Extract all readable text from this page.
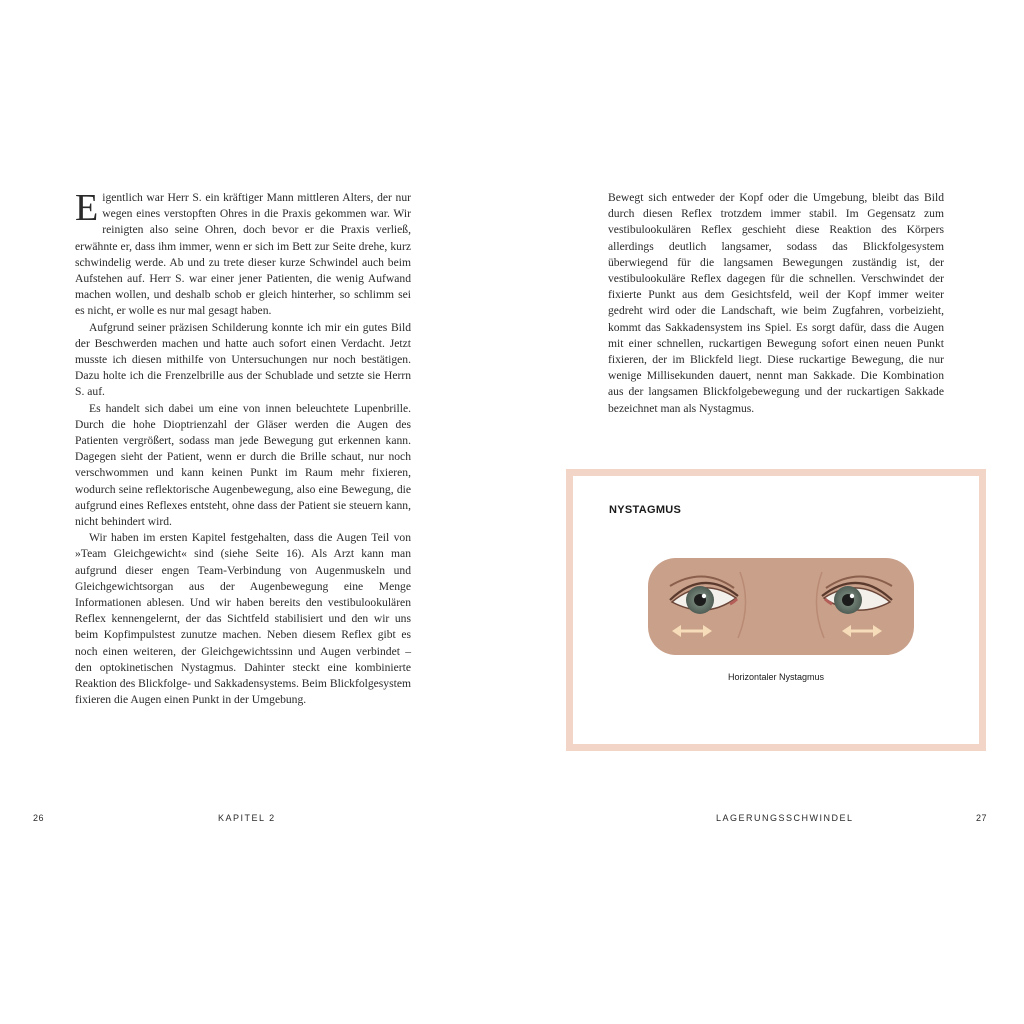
Eigentlich war Herr S. ein kräftiger Mann mittleren Alters, der nur wegen eines verstopften Ohres in die Praxis gekommen war. Wir reinigten also seine Ohren, doch bevor er die Praxis verließ, erwähnte er, dass ihm immer, wenn er sich im Bett zur Seite drehe, kurz schwindelig werde. Ab und zu trete dieser kurze Schwindel auch beim Aufstehen auf. Herr S. war einer jener Patienten, die wenig Aufwand machen wollen, und deshalb schob er gleich hinterher, so schlimm sei es nicht, er wolle es nur mal gesagt haben.

Aufgrund seiner präzisen Schilderung konnte ich mir ein gutes Bild der Beschwerden machen und hatte auch sofort einen Verdacht. Jetzt musste ich diesen mithilfe von Untersuchungen nur noch bestätigen. Dazu holte ich die Frenzelbrille aus der Schublade und setzte sie Herrn S. auf.

Es handelt sich dabei um eine von innen beleuchtete Lupenbrille. Durch die hohe Dioptrienzahl der Gläser werden die Augen des Patienten vergrößert, sodass man jede Bewegung gut erkennen kann. Dagegen sieht der Patient, wenn er durch die Brille schaut, nur noch verschwommen und kann keinen Punkt im Raum mehr fixieren, wodurch seine reflektorische Augenbewegung, also eine Bewegung, die aufgrund eines Reflexes entsteht, ohne dass der Patient sie steuern kann, nicht behindert wird.

Wir haben im ersten Kapitel festgehalten, dass die Augen Teil von »Team Gleichgewicht« sind (siehe Seite 16). Als Arzt kann man aufgrund dieser engen Team-Verbindung von Augenmuskeln und Gleichgewichtsorgan aus der Augenbewegung eine Menge Informationen ablesen. Und wir haben bereits den vestibulookulären Reflex kennengelernt, der das Sichtfeld stabilisiert und den wir uns beim Kopfimpulstest zunutze machen. Neben diesem Reflex gibt es noch einen weiteren, der Gleichgewichtssinn und Augen verbindet – den optokinetischen Nystagmus. Dahinter steckt eine kombinierte Reaktion des Blickfolge- und Sakkadensystems. Beim Blickfolgesystem fixieren die Augen einen Punkt in der Umgebung.

Bewegt sich entweder der Kopf oder die Umgebung, bleibt das Bild durch diesen Reflex trotzdem immer stabil. Im Gegensatz zum vestibulookulären Reflex geschieht diese Reaktion des Körpers allerdings deutlich langsamer, sodass das Blickfolgesystem überwiegend für die langsamen Bewegungen zuständig ist, der vestibulookuläre Reflex dagegen für die schnellen. Verschwindet der fixierte Punkt aus dem Gesichtsfeld, weil der Kopf immer weiter gedreht wird oder die Landschaft, wie beim Zugfahren, vorbeizieht, kommt das Sakkadensystem ins Spiel. Es sorgt dafür, dass die Augen mit einer schnellen, ruckartigen Bewegung sofort einen neuen Punkt fixieren, der im Blickfeld liegt. Diese ruckartige Bewegung, die nur wenige Millisekunden dauert, nennt man Sakkade. Die Kombination aus der langsamen Blickfolgebewegung und der ruckartigen Sakkade bezeichnet man als Nystagmus.

NYSTAGMUS
Horizontaler Nystagmus
26	KAPITEL 2	LAGERUNGSSCHWINDEL	27
